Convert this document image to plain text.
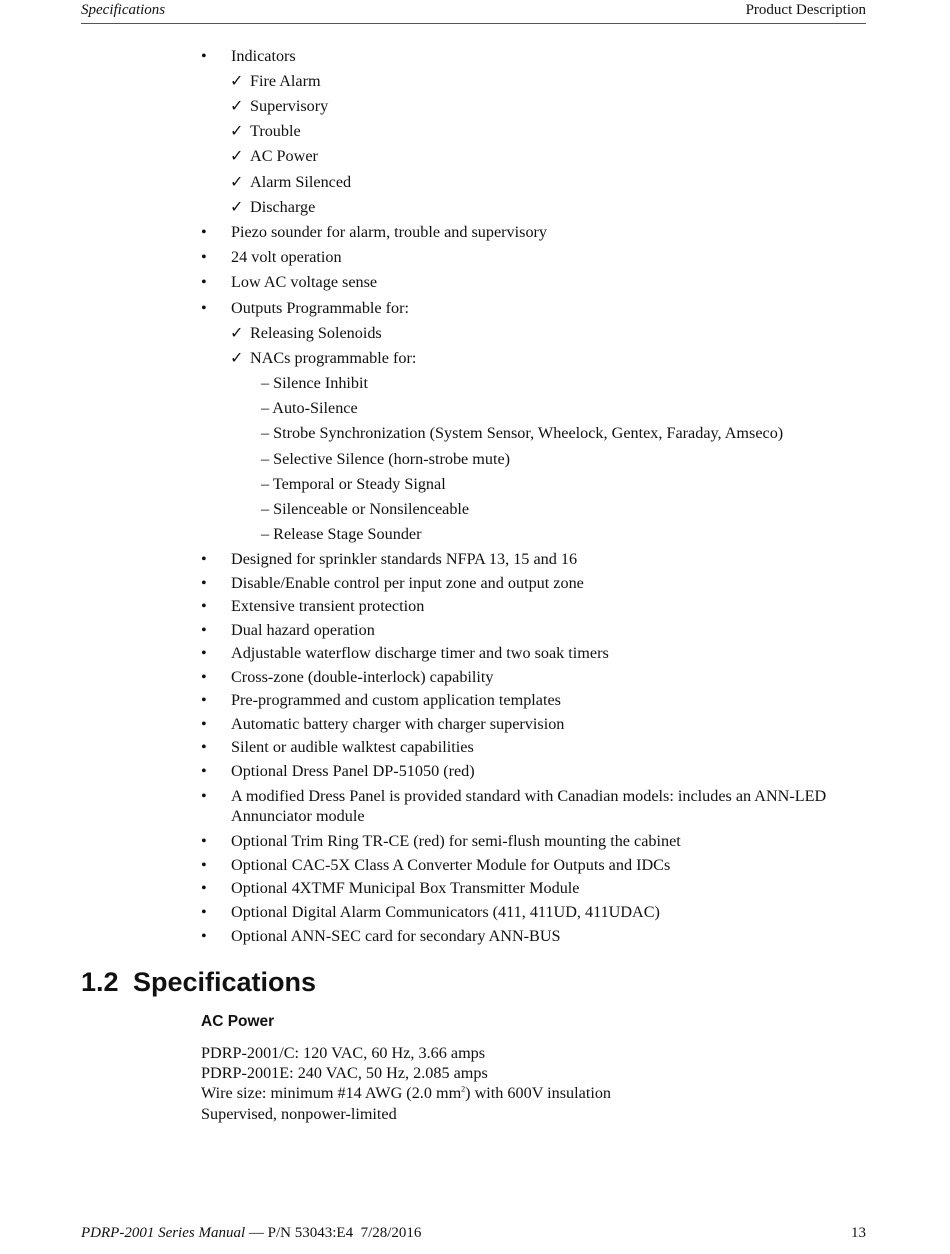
Specifications	Product Description
• Indicators
✓ Fire Alarm
✓ Supervisory
✓ Trouble
✓ AC Power
✓ Alarm Silenced
✓ Discharge
• Piezo sounder for alarm, trouble and supervisory
• 24 volt operation
• Low AC voltage sense
• Outputs Programmable for:
✓ Releasing Solenoids
✓ NACs programmable for:
– Silence Inhibit
– Auto-Silence
– Strobe Synchronization (System Sensor, Wheelock, Gentex, Faraday, Amseco)
– Selective Silence (horn-strobe mute)
– Temporal or Steady Signal
– Silenceable or Nonsilenceable
– Release Stage Sounder
• Designed for sprinkler standards NFPA 13, 15 and 16
• Disable/Enable control per input zone and output zone
• Extensive transient protection
• Dual hazard operation
• Adjustable waterflow discharge timer and two soak timers
• Cross-zone (double-interlock) capability
• Pre-programmed and custom application templates
• Automatic battery charger with charger supervision
• Silent or audible walktest capabilities
• Optional Dress Panel DP-51050 (red)
• A modified Dress Panel is provided standard with Canadian models: includes an ANN-LED
Annunciator module
• Optional Trim Ring TR-CE (red) for semi-flush mounting the cabinet
• Optional CAC-5X Class A Converter Module for Outputs and IDCs
• Optional 4XTMF Municipal Box Transmitter Module
• Optional Digital Alarm Communicators (411, 411UD, 411UDAC)
• Optional ANN-SEC card for secondary ANN-BUS
1.2 Specifications
AC Power
PDRP-2001/C: 120 VAC, 60 Hz, 3.66 amps
PDRP-2001E: 240 VAC, 50 Hz, 2.085 amps
Wire size: minimum #14 AWG (2.0 $mm^2$) with 600V insulation
Supervised, nonpower-limited
PDRP-2001 Series Manual — P/N 53043:E4 7/28/2016	13
